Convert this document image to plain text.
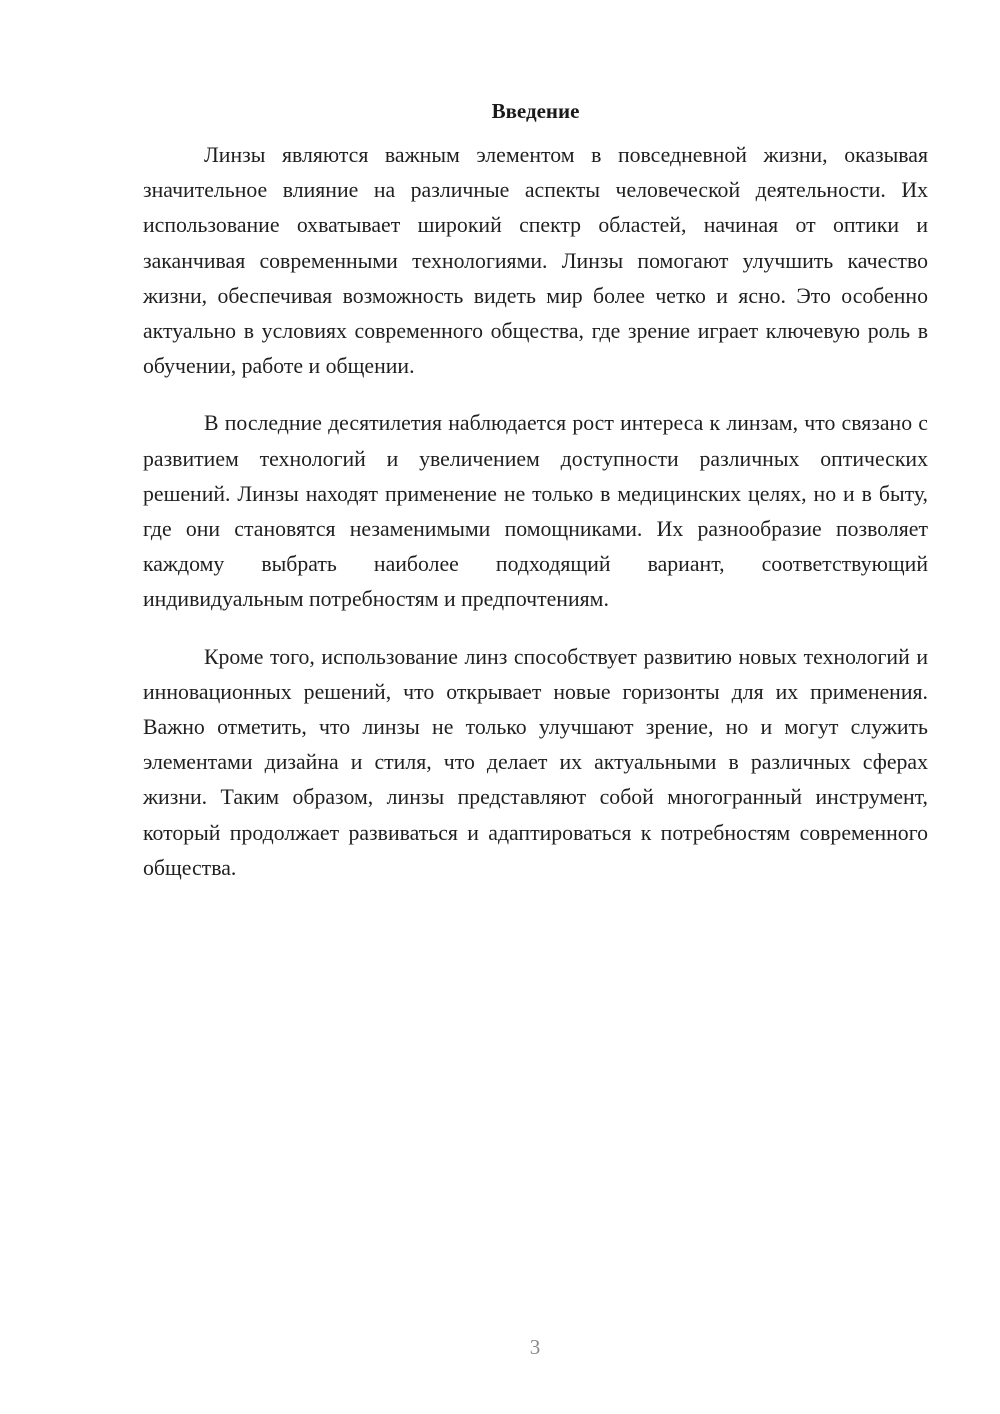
Введение

Линзы являются важным элементом в повседневной жизни, оказывая значительное влияние на различные аспекты человеческой деятельности. Их использование охватывает широкий спектр областей, начиная от оптики и заканчивая современными технологиями. Линзы помогают улучшить качество жизни, обеспечивая возможность видеть мир более четко и ясно. Это особенно актуально в условиях современного общества, где зрение играет ключевую роль в обучении, работе и общении.

В последние десятилетия наблюдается рост интереса к линзам, что связано с развитием технологий и увеличением доступности различных оптических решений. Линзы находят применение не только в медицинских целях, но и в быту, где они становятся незаменимыми помощниками. Их разнообразие позволяет каждому выбрать наиболее подходящий вариант, соответствующий индивидуальным потребностям и предпочтениям.

Кроме того, использование линз способствует развитию новых технологий и инновационных решений, что открывает новые горизонты для их применения. Важно отметить, что линзы не только улучшают зрение, но и могут служить элементами дизайна и стиля, что делает их актуальными в различных сферах жизни. Таким образом, линзы представляют собой многогранный инструмент, который продолжает развиваться и адаптироваться к потребностям современного общества.

3
